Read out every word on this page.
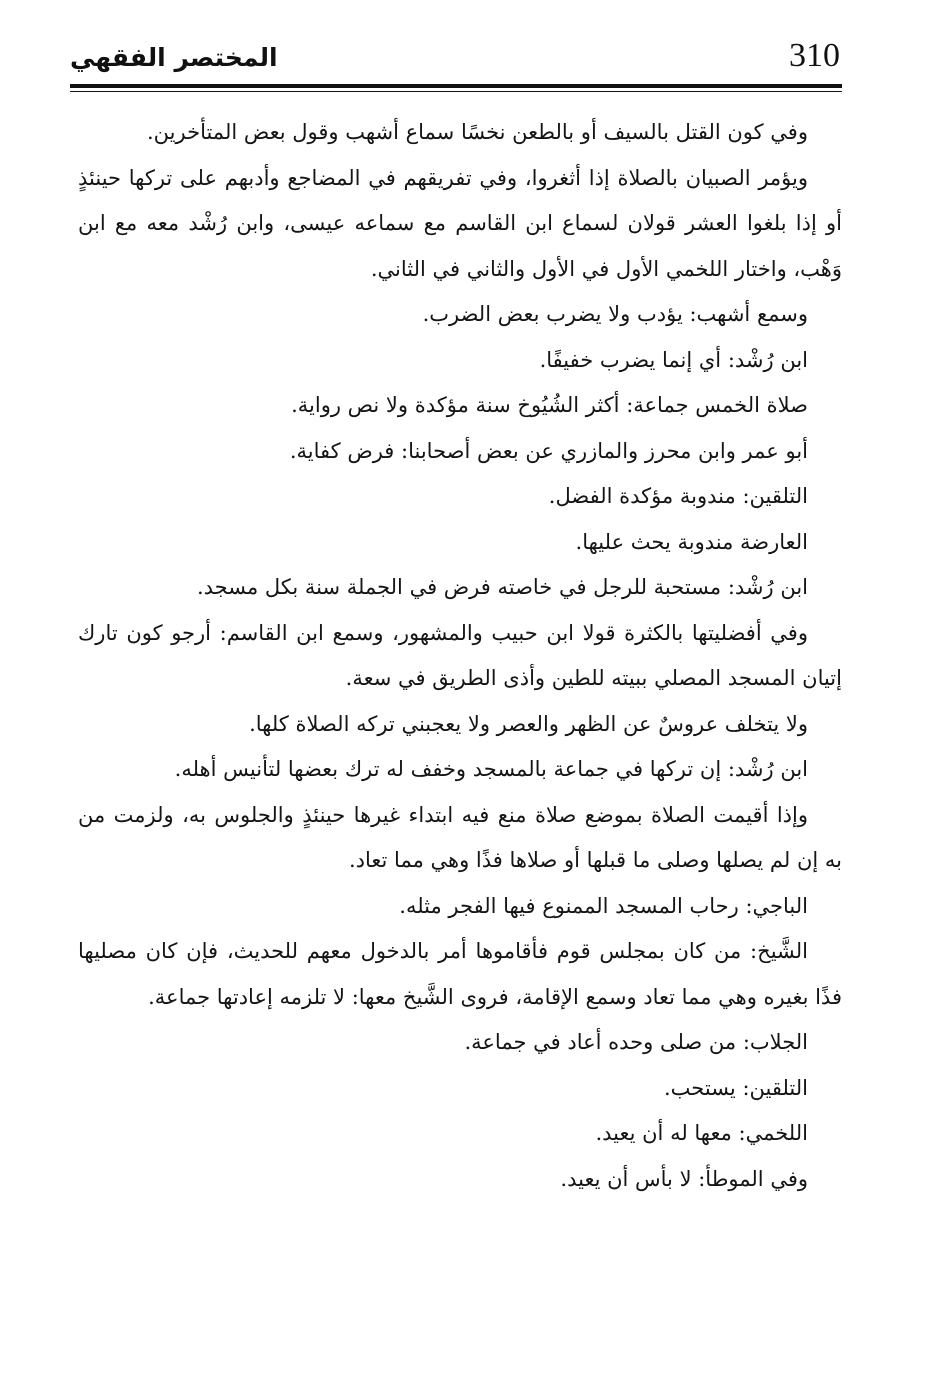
310
المختصر الفقهي

وفي كون القتل بالسيف أو بالطعن نخسًا سماع أشهب وقول بعض المتأخرين.

ويؤمر الصبيان بالصلاة إذا أثغروا، وفي تفريقهم في المضاجع وأدبهم على تركها حينئذٍ أو إذا بلغوا العشر قولان لسماع ابن القاسم مع سماعه عيسى، وابن رُشْد معه مع ابن وَهْب، واختار اللخمي الأول في الأول والثاني في الثاني.

وسمع أشهب: يؤدب ولا يضرب بعض الضرب.

ابن رُشْد: أي إنما يضرب خفيفًا.

صلاة الخمس جماعة: أكثر الشُيُوخ سنة مؤكدة ولا نص رواية.

أبو عمر وابن محرز والمازري عن بعض أصحابنا: فرض كفاية.

التلقين: مندوبة مؤكدة الفضل.

العارضة مندوبة يحث عليها.

ابن رُشْد: مستحبة للرجل في خاصته فرض في الجملة سنة بكل مسجد.

وفي أفضليتها بالكثرة قولا ابن حبيب والمشهور، وسمع ابن القاسم: أرجو كون تارك إتيان المسجد المصلي ببيته للطين وأذى الطريق في سعة.

ولا يتخلف عروسٌ عن الظهر والعصر ولا يعجبني تركه الصلاة كلها.

ابن رُشْد: إن تركها في جماعة بالمسجد وخفف له ترك بعضها لتأنيس أهله.

وإذا أقيمت الصلاة بموضع صلاة منع فيه ابتداء غيرها حينئذٍ والجلوس به، ولزمت من به إن لم يصلها وصلى ما قبلها أو صلاها فذًا وهي مما تعاد.

الباجي: رحاب المسجد الممنوع فيها الفجر مثله.

الشَّيخ: من كان بمجلس قوم فأقاموها أمر بالدخول معهم للحديث، فإن كان مصليها فذًا بغيره وهي مما تعاد وسمع الإقامة، فروى الشَّيخ معها: لا تلزمه إعادتها جماعة.

الجلاب: من صلى وحده أعاد في جماعة.

التلقين: يستحب.

اللخمي: معها له أن يعيد.

وفي الموطأ: لا بأس أن يعيد.
